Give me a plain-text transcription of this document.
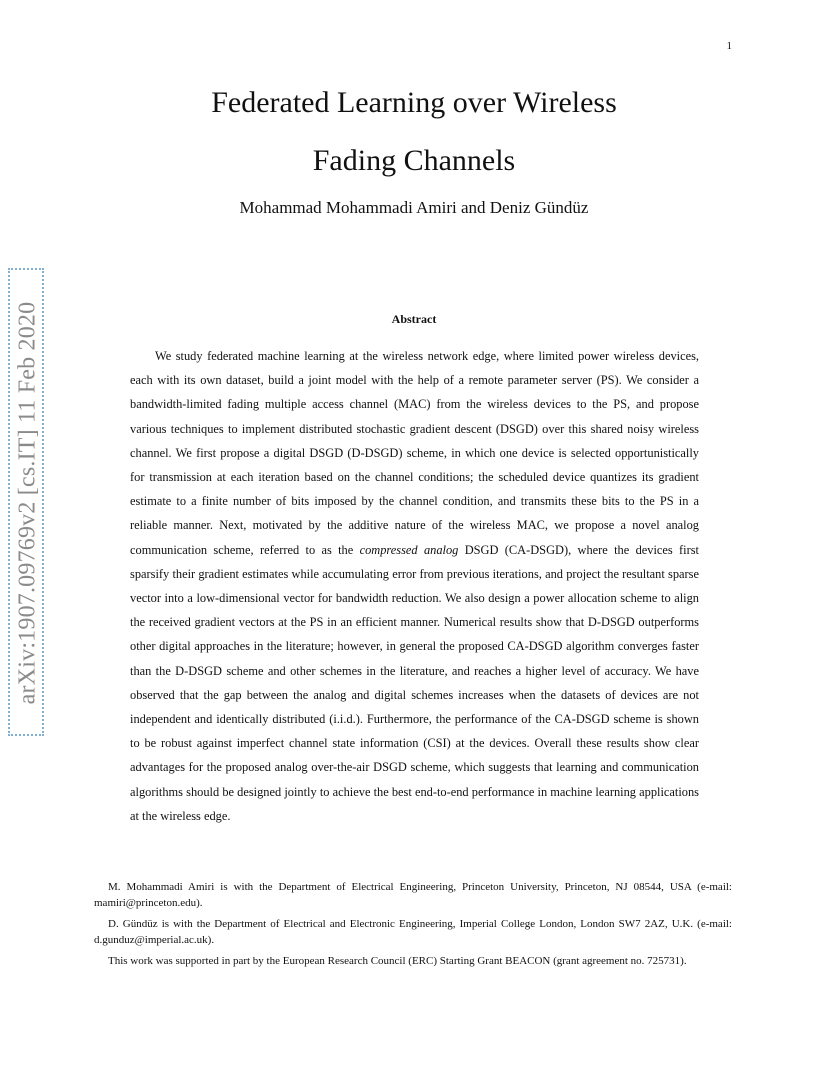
1
Federated Learning over Wireless
Fading Channels
Mohammad Mohammadi Amiri and Deniz Gündüz
arXiv:1907.09769v2 [cs.IT] 11 Feb 2020	Abstract

We study federated machine learning at the wireless network edge, where limited power wireless devices, each with its own dataset, build a joint model with the help of a remote parameter server (PS). We consider a bandwidth-limited fading multiple access channel (MAC) from the wireless devices to the PS, and propose various techniques to implement distributed stochastic gradient descent (DSGD) over this shared noisy wireless channel. We first propose a digital DSGD (D-DSGD) scheme, in which one device is selected opportunistically for transmission at each iteration based on the channel conditions; the scheduled device quantizes its gradient estimate to a finite number of bits imposed by the channel condition, and transmits these bits to the PS in a reliable manner. Next, motivated by the additive nature of the wireless MAC, we propose a novel analog communication scheme, referred to as the compressed analog DSGD (CA-DSGD), where the devices first sparsify their gradient estimates while accumulating error from previous iterations, and project the resultant sparse vector into a low-dimensional vector for bandwidth reduction. We also design a power allocation scheme to align the received gradient vectors at the PS in an efficient manner. Numerical results show that D-DSGD outperforms other digital approaches in the literature; however, in general the proposed CA-DSGD algorithm converges faster than the D-DSGD scheme and other schemes in the literature, and reaches a higher level of accuracy. We have observed that the gap between the analog and digital schemes increases when the datasets of devices are not independent and identically distributed (i.i.d.). Furthermore, the performance of the CA-DSGD scheme is shown to be robust against imperfect channel state information (CSI) at the devices. Overall these results show clear advantages for the proposed analog over-the-air DSGD scheme, which suggests that learning and communication algorithms should be designed jointly to achieve the best end-to-end performance in machine learning applications at the wireless edge.

M. Mohammadi Amiri is with the Department of Electrical Engineering, Princeton University, Princeton, NJ 08544, USA (e-mail: mamiri@princeton.edu).

D. Gündüz is with the Department of Electrical and Electronic Engineering, Imperial College London, London SW7 2AZ, U.K. (e-mail: d.gunduz@imperial.ac.uk).

This work was supported in part by the European Research Council (ERC) Starting Grant BEACON (grant agreement no. 725731).
